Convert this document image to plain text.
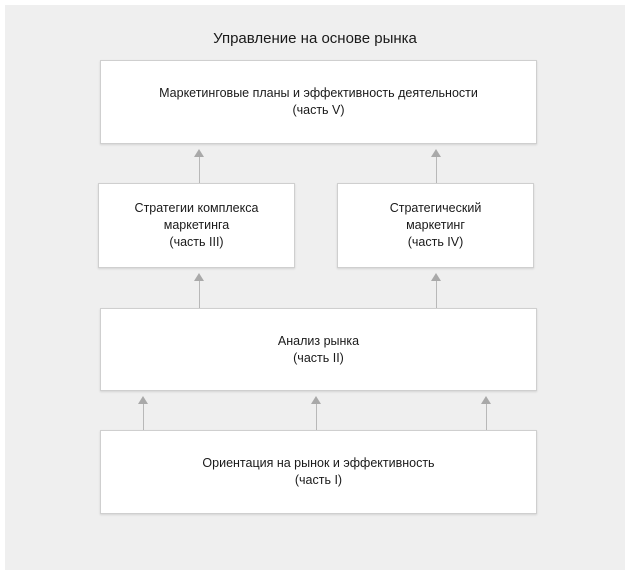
Управление на основе рынка
Маркетинговые планы и эффективность деятельности
(часть V)
Стратегии комплекса
маркетинга
(часть III)
Стратегический
маркетинг
(часть IV)
Анализ рынка
(часть II)
Ориентация на рынок и эффективность
(часть I)
